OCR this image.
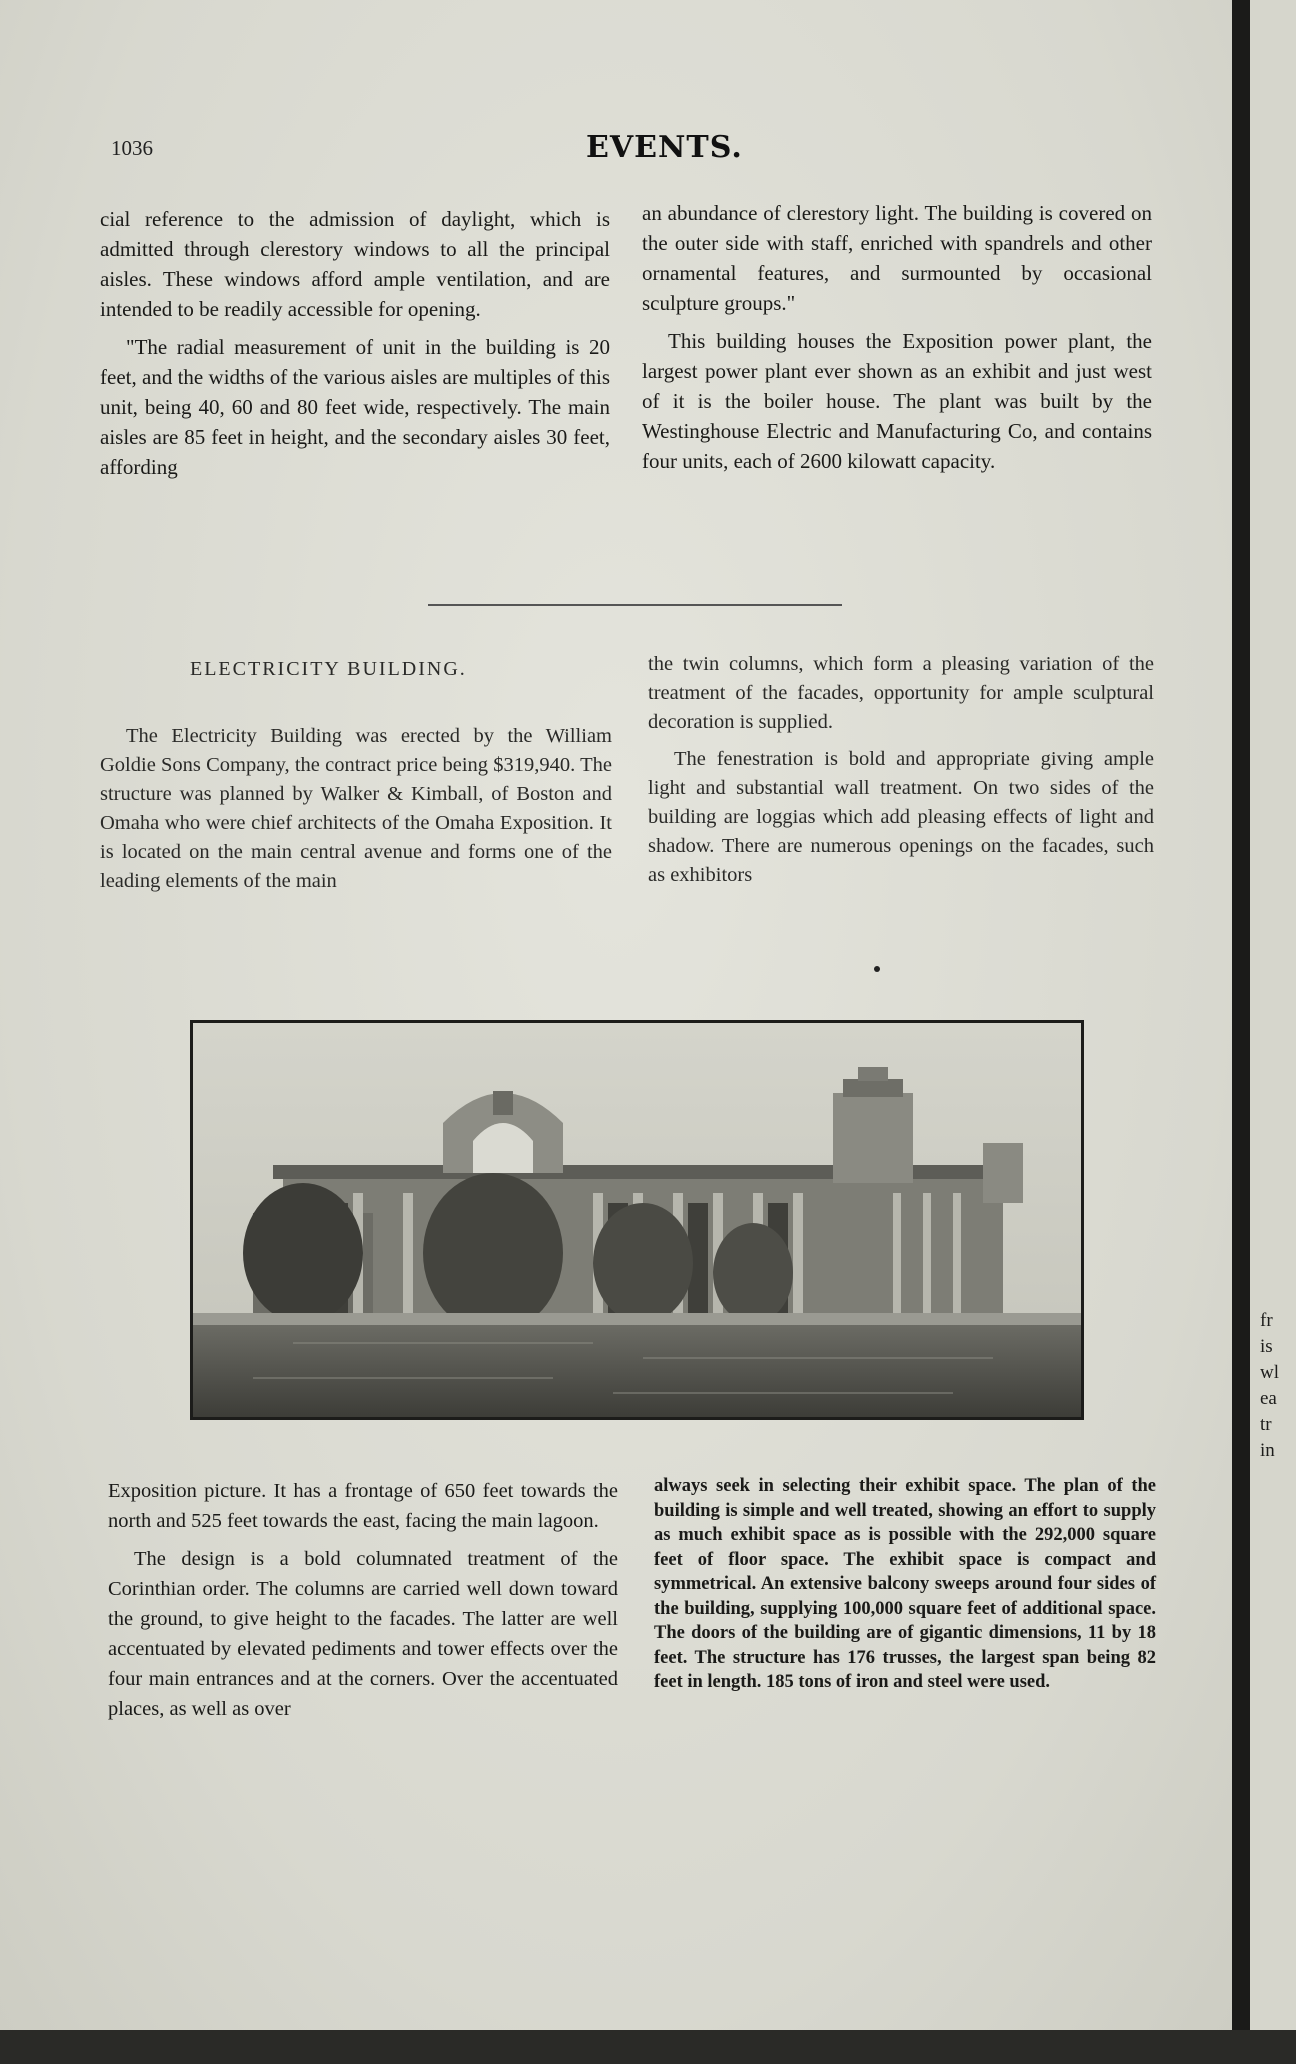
1036	EVENTS.

cial reference to the admission of daylight, which is admitted through clerestory windows to all the principal aisles. These windows afford ample ventilation, and are intended to be readily accessible for opening.

"The radial measurement of unit in the building is 20 feet, and the widths of the various aisles are multiples of this unit, being 40, 60 and 80 feet wide, respectively. The main aisles are 85 feet in height, and the secondary aisles 30 feet, affording

an abundance of clerestory light. The building is covered on the outer side with staff, enriched with spandrels and other ornamental features, and surmounted by occasional sculpture groups."

This building houses the Exposition power plant, the largest power plant ever shown as an exhibit and just west of it is the boiler house. The plant was built by the Westinghouse Electric and Manufacturing Co, and contains four units, each of 2600 kilowatt capacity.

ELECTRICITY BUILDING.

The Electricity Building was erected by the William Goldie Sons Company, the contract price being $319,940. The structure was planned by Walker & Kimball, of Boston and Omaha who were chief architects of the Omaha Exposition. It is located on the main central avenue and forms one of the leading elements of the main

the twin columns, which form a pleasing variation of the treatment of the facades, opportunity for ample sculptural decoration is supplied.

The fenestration is bold and appropriate giving ample light and substantial wall treatment. On two sides of the building are loggias which add pleasing effects of light and shadow. There are numerous openings on the facades, such as exhibitors

Exposition picture. It has a frontage of 650 feet towards the north and 525 feet towards the east, facing the main lagoon.

The design is a bold columnated treatment of the Corinthian order. The columns are carried well down toward the ground, to give height to the facades. The latter are well accentuated by elevated pediments and tower effects over the four main entrances and at the corners. Over the accentuated places, as well as over

always seek in selecting their exhibit space. The plan of the building is simple and well treated, showing an effort to supply as much exhibit space as is possible with the 292,000 square feet of floor space. The exhibit space is compact and symmetrical. An extensive balcony sweeps around four sides of the building, supplying 100,000 square feet of additional space. The doors of the building are of gigantic dimensions, 11 by 18 feet. The structure has 176 trusses, the largest span being 82 feet in length. 185 tons of iron and steel were used.

fr
is
wl
ea
tr
in
